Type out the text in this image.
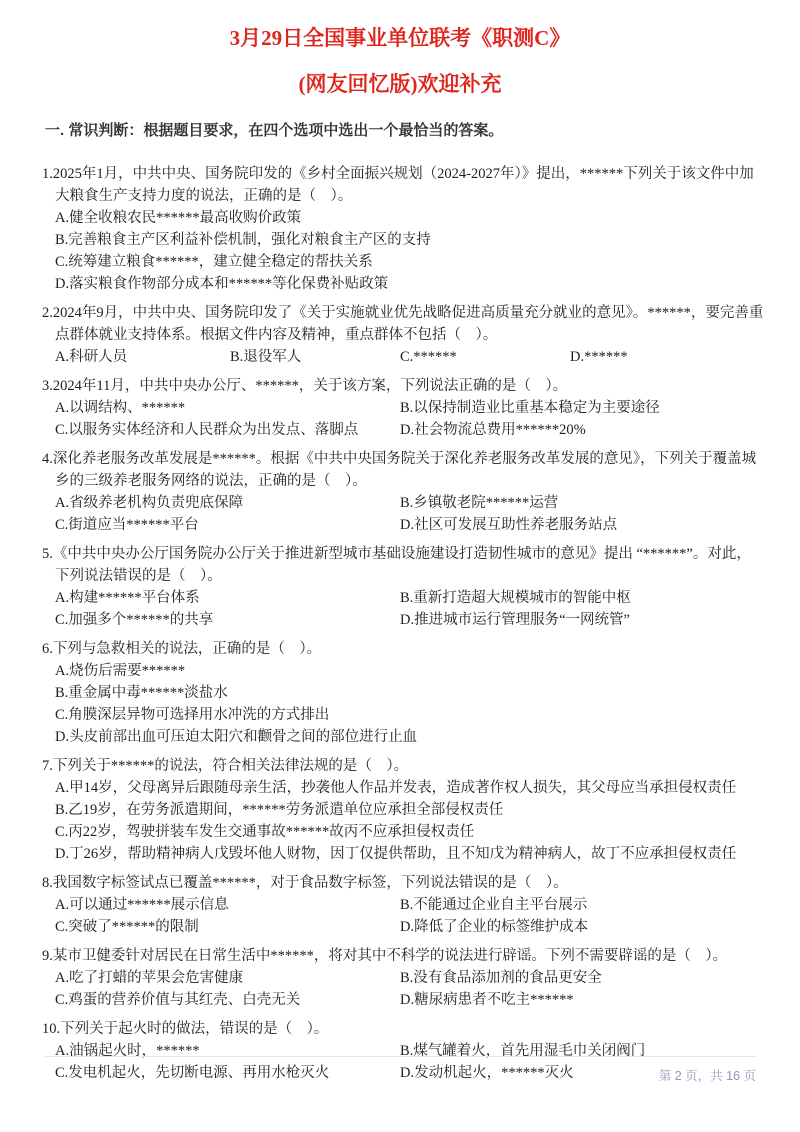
3月29日全国事业单位联考《职测C》
(网友回忆版)欢迎补充
一. 常识判断：根据题目要求，在四个选项中选出一个最恰当的答案。

1.2025年1月，中共中央、国务院印发的《乡村全面振兴规划（2024-2027年）》提出，******下列关于该文件中加大粮食生产支持力度的说法，正确的是（　）。

A.健全收粮农民******最高收购价政策
B.完善粮食主产区利益补偿机制，强化对粮食主产区的支持
C.统筹建立粮食******，建立健全稳定的帮扶关系
D.落实粮食作物部分成本和******等化保费补贴政策

2.2024年9月，中共中央、国务院印发了《关于实施就业优先战略促进高质量充分就业的意见》。******，要完善重点群体就业支持体系。根据文件内容及精神，重点群体不包括（　）。

A.科研人员	B.退役军人	C.******	D.******

3.2024年11月，中共中央办公厅、******，关于该方案，下列说法正确的是（　）。

A.以调结构、******	B.以保持制造业比重基本稳定为主要途径
C.以服务实体经济和人民群众为出发点、落脚点	D.社会物流总费用******20%

4.深化养老服务改革发展是******。根据《中共中央国务院关于深化养老服务改革发展的意见》，下列关于覆盖城乡的三级养老服务网络的说法，正确的是（　）。

A.省级养老机构负责兜底保障	B.乡镇敬老院******运营
C.街道应当******平台	D.社区可发展互助性养老服务站点

5.《中共中央办公厅国务院办公厅关于推进新型城市基础设施建设打造韧性城市的意见》提出 “******”。对此，下列说法错误的是（　）。

A.构建******平台体系	B.重新打造超大规模城市的智能中枢
C.加强多个******的共享	D.推进城市运行管理服务“一网统管”

6.下列与急救相关的说法，正确的是（　）。

A.烧伤后需要******
B.重金属中毒******淡盐水
C.角膜深层异物可选择用水冲洗的方式排出
D.头皮前部出血可压迫太阳穴和颧骨之间的部位进行止血

7.下列关于******的说法，符合相关法律法规的是（　）。

A.甲14岁，父母离异后跟随母亲生活，抄袭他人作品并发表，造成著作权人损失，其父母应当承担侵权责任
B.乙19岁，在劳务派遣期间，******劳务派遣单位应承担全部侵权责任
C.丙22岁，驾驶拼装车发生交通事故******故丙不应承担侵权责任
D.丁26岁，帮助精神病人戊毁坏他人财物，因丁仅提供帮助，且不知戊为精神病人，故丁不应承担侵权责任

8.我国数字标签试点已覆盖******，对于食品数字标签，下列说法错误的是（　）。

A.可以通过******展示信息	B.不能通过企业自主平台展示
C.突破了******的限制	D.降低了企业的标签维护成本

9.某市卫健委针对居民在日常生活中******，将对其中不科学的说法进行辟谣。下列不需要辟谣的是（　）。

A.吃了打蜡的苹果会危害健康	B.没有食品添加剂的食品更安全
C.鸡蛋的营养价值与其红壳、白壳无关	D.糖尿病患者不吃主******

10.下列关于起火时的做法，错误的是（　）。

A.油锅起火时，******	B.煤气罐着火，首先用湿毛巾关闭阀门
C.发电机起火，先切断电源、再用水枪灭火	D.发动机起火，******灭火	第 2 页，共 16 页
